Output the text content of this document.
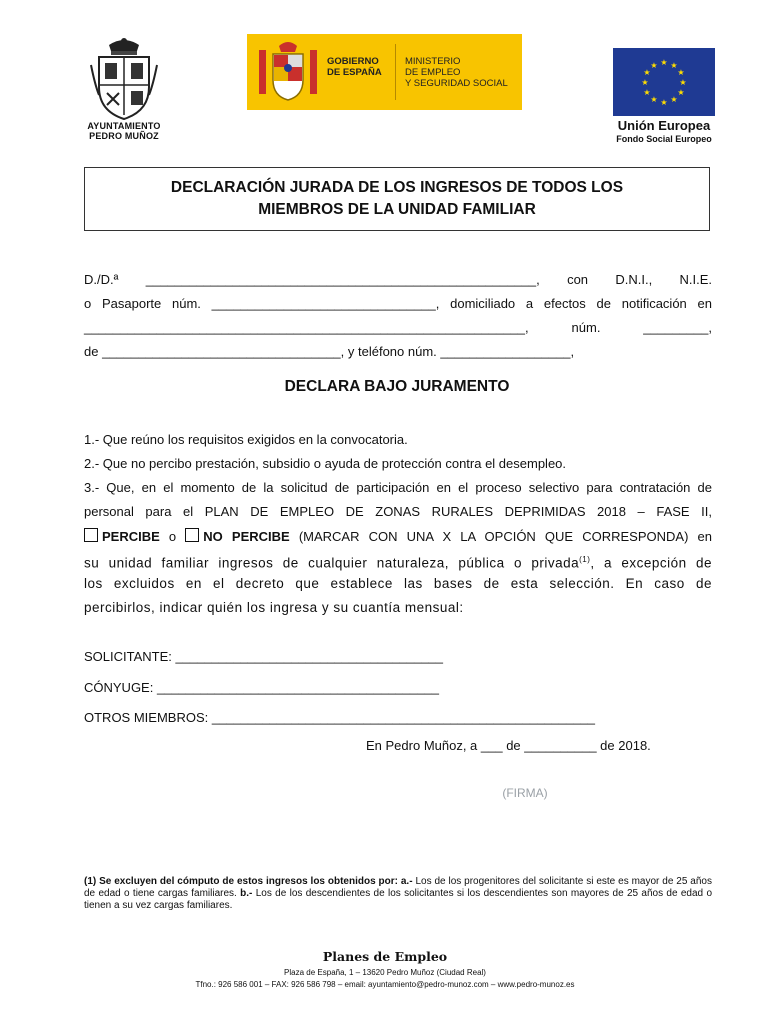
AYUNTAMIENTO
PEDRO MUÑOZ
GOBIERNO
DE ESPAÑA
MINISTERIO
DE EMPLEO
Y SEGURIDAD SOCIAL
★ ★
★
★
★
★
★
★
★
★
★
★
Unión Europea
Fondo Social Europeo
DECLARACIÓN JURADA DE LOS INGRESOS DE TODOS LOS
MIEMBROS DE LA UNIDAD FAMILIAR
D./D.ª ______________________________________________________, con D.N.I., N.I.E.
o Pasaporte núm. _______________________________, domiciliado a efectos de notificación en
_____________________________________________________________, núm. _________,
de _________________________________, y teléfono núm. __________________,
DECLARA BAJO JURAMENTO
1.- Que reúno los requisitos exigidos en la convocatoria.
2.- Que no percibo prestación, subsidio o ayuda de protección contra el desempleo.
3.- Que, en el momento de la solicitud de participación en el proceso selectivo para contratación de
personal para el PLAN DE EMPLEO DE ZONAS RURALES DEPRIMIDAS 2018 – FASE II,
PERCIBE o NO PERCIBE (MARCAR CON UNA X LA OPCIÓN QUE CORRESPONDA) en
su unidad familiar ingresos de cualquier naturaleza, pública o privada$^{(1)}$, a excepción de
los excluidos en el decreto que establece las bases de esta selección. En caso de
percibirlos, indicar quién los ingresa y su cuantía mensual:
SOLICITANTE: _____________________________________
CÓNYUGE: _______________________________________
OTROS MIEMBROS: _____________________________________________________
En Pedro Muñoz, a ___ de __________ de 2018.
(FIRMA)
(1) Se excluyen del cómputo de estos ingresos los obtenidos por: a.- Los de los progenitores del solicitante si este es mayor de 25 años de edad o tiene cargas familiares. b.- Los de los descendientes de los solicitantes si los descendientes son mayores de 25 años de edad o tienen a su vez cargas familiares.
Planes de Empleo
Plaza de España, 1 – 13620 Pedro Muñoz (Ciudad Real)
Tfno.: 926 586 001 – FAX: 926 586 798 – email: ayuntamiento@pedro-munoz.com – www.pedro-munoz.es
